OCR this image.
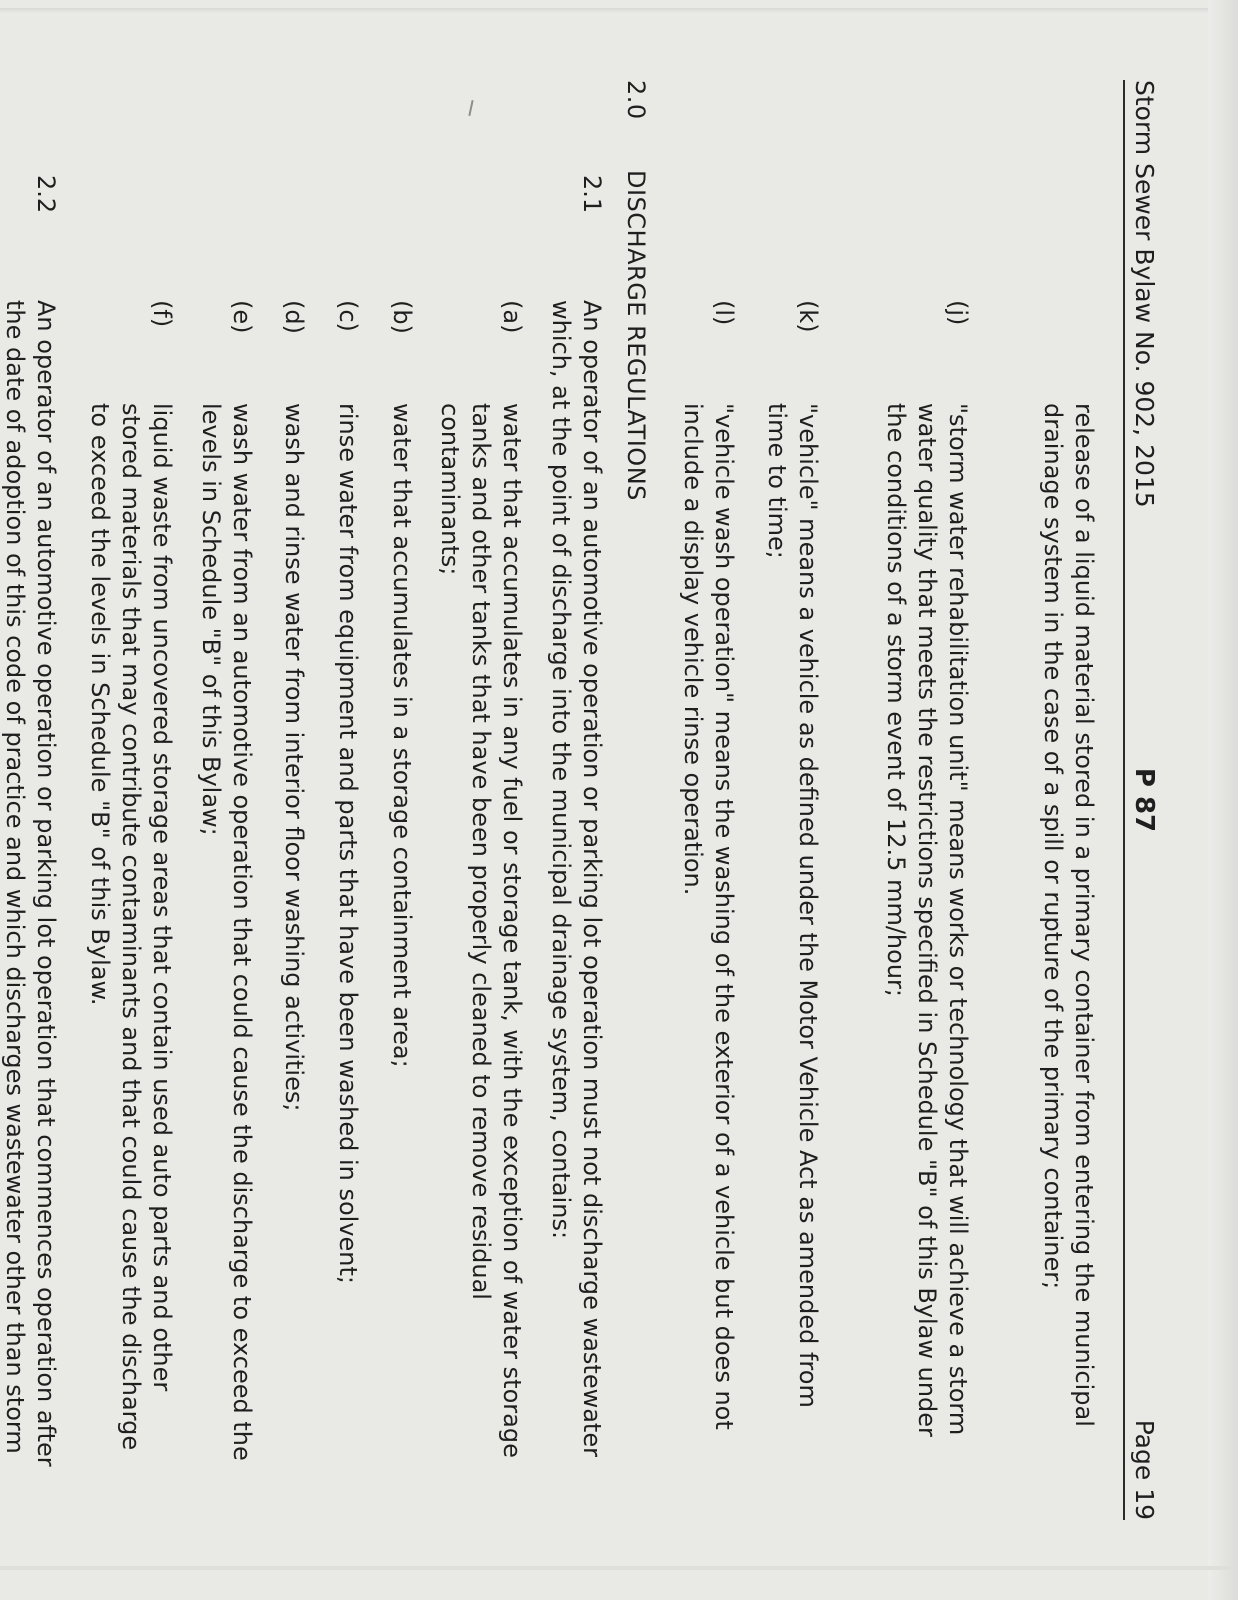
Storm Sewer Bylaw No. 902, 2015
P 87
Page 19
release of a liquid material stored in a primary container from entering the municipal drainage system in the case of a spill or rupture of the primary container;
(j)
"storm water rehabilitation unit" means works or technology that will achieve a storm water quality that meets the restrictions specified in Schedule "B" of this Bylaw under the conditions of a storm event of 12.5 mm/hour;
(k)
"vehicle" means a vehicle as defined under the Motor Vehicle Act as amended from time to time;
(l)
"vehicle wash operation" means the washing of the exterior of a vehicle but does not include a display vehicle rinse operation.
2.0
DISCHARGE REGULATIONS
2.1
An operator of an automotive operation or parking lot operation must not discharge wastewater which, at the point of discharge into the municipal drainage system, contains:
(a)
water that accumulates in any fuel or storage tank, with the exception of water storage tanks and other tanks that have been properly cleaned to remove residual contaminants;
(b)
water that accumulates in a storage containment area;
(c)
rinse water from equipment and parts that have been washed in solvent;
(d)
wash and rinse water from interior floor washing activities;
(e)
wash water from an automotive operation that could cause the discharge to exceed the levels in Schedule "B" of this Bylaw;
(f)
liquid waste from uncovered storage areas that contain used auto parts and other stored materials that may contribute contaminants and that could cause the discharge to exceed the levels in Schedule "B" of this Bylaw.
2.2
An operator of an automotive operation or parking lot operation that commences operation after the date of adoption of this code of practice and which discharges wastewater other than storm
